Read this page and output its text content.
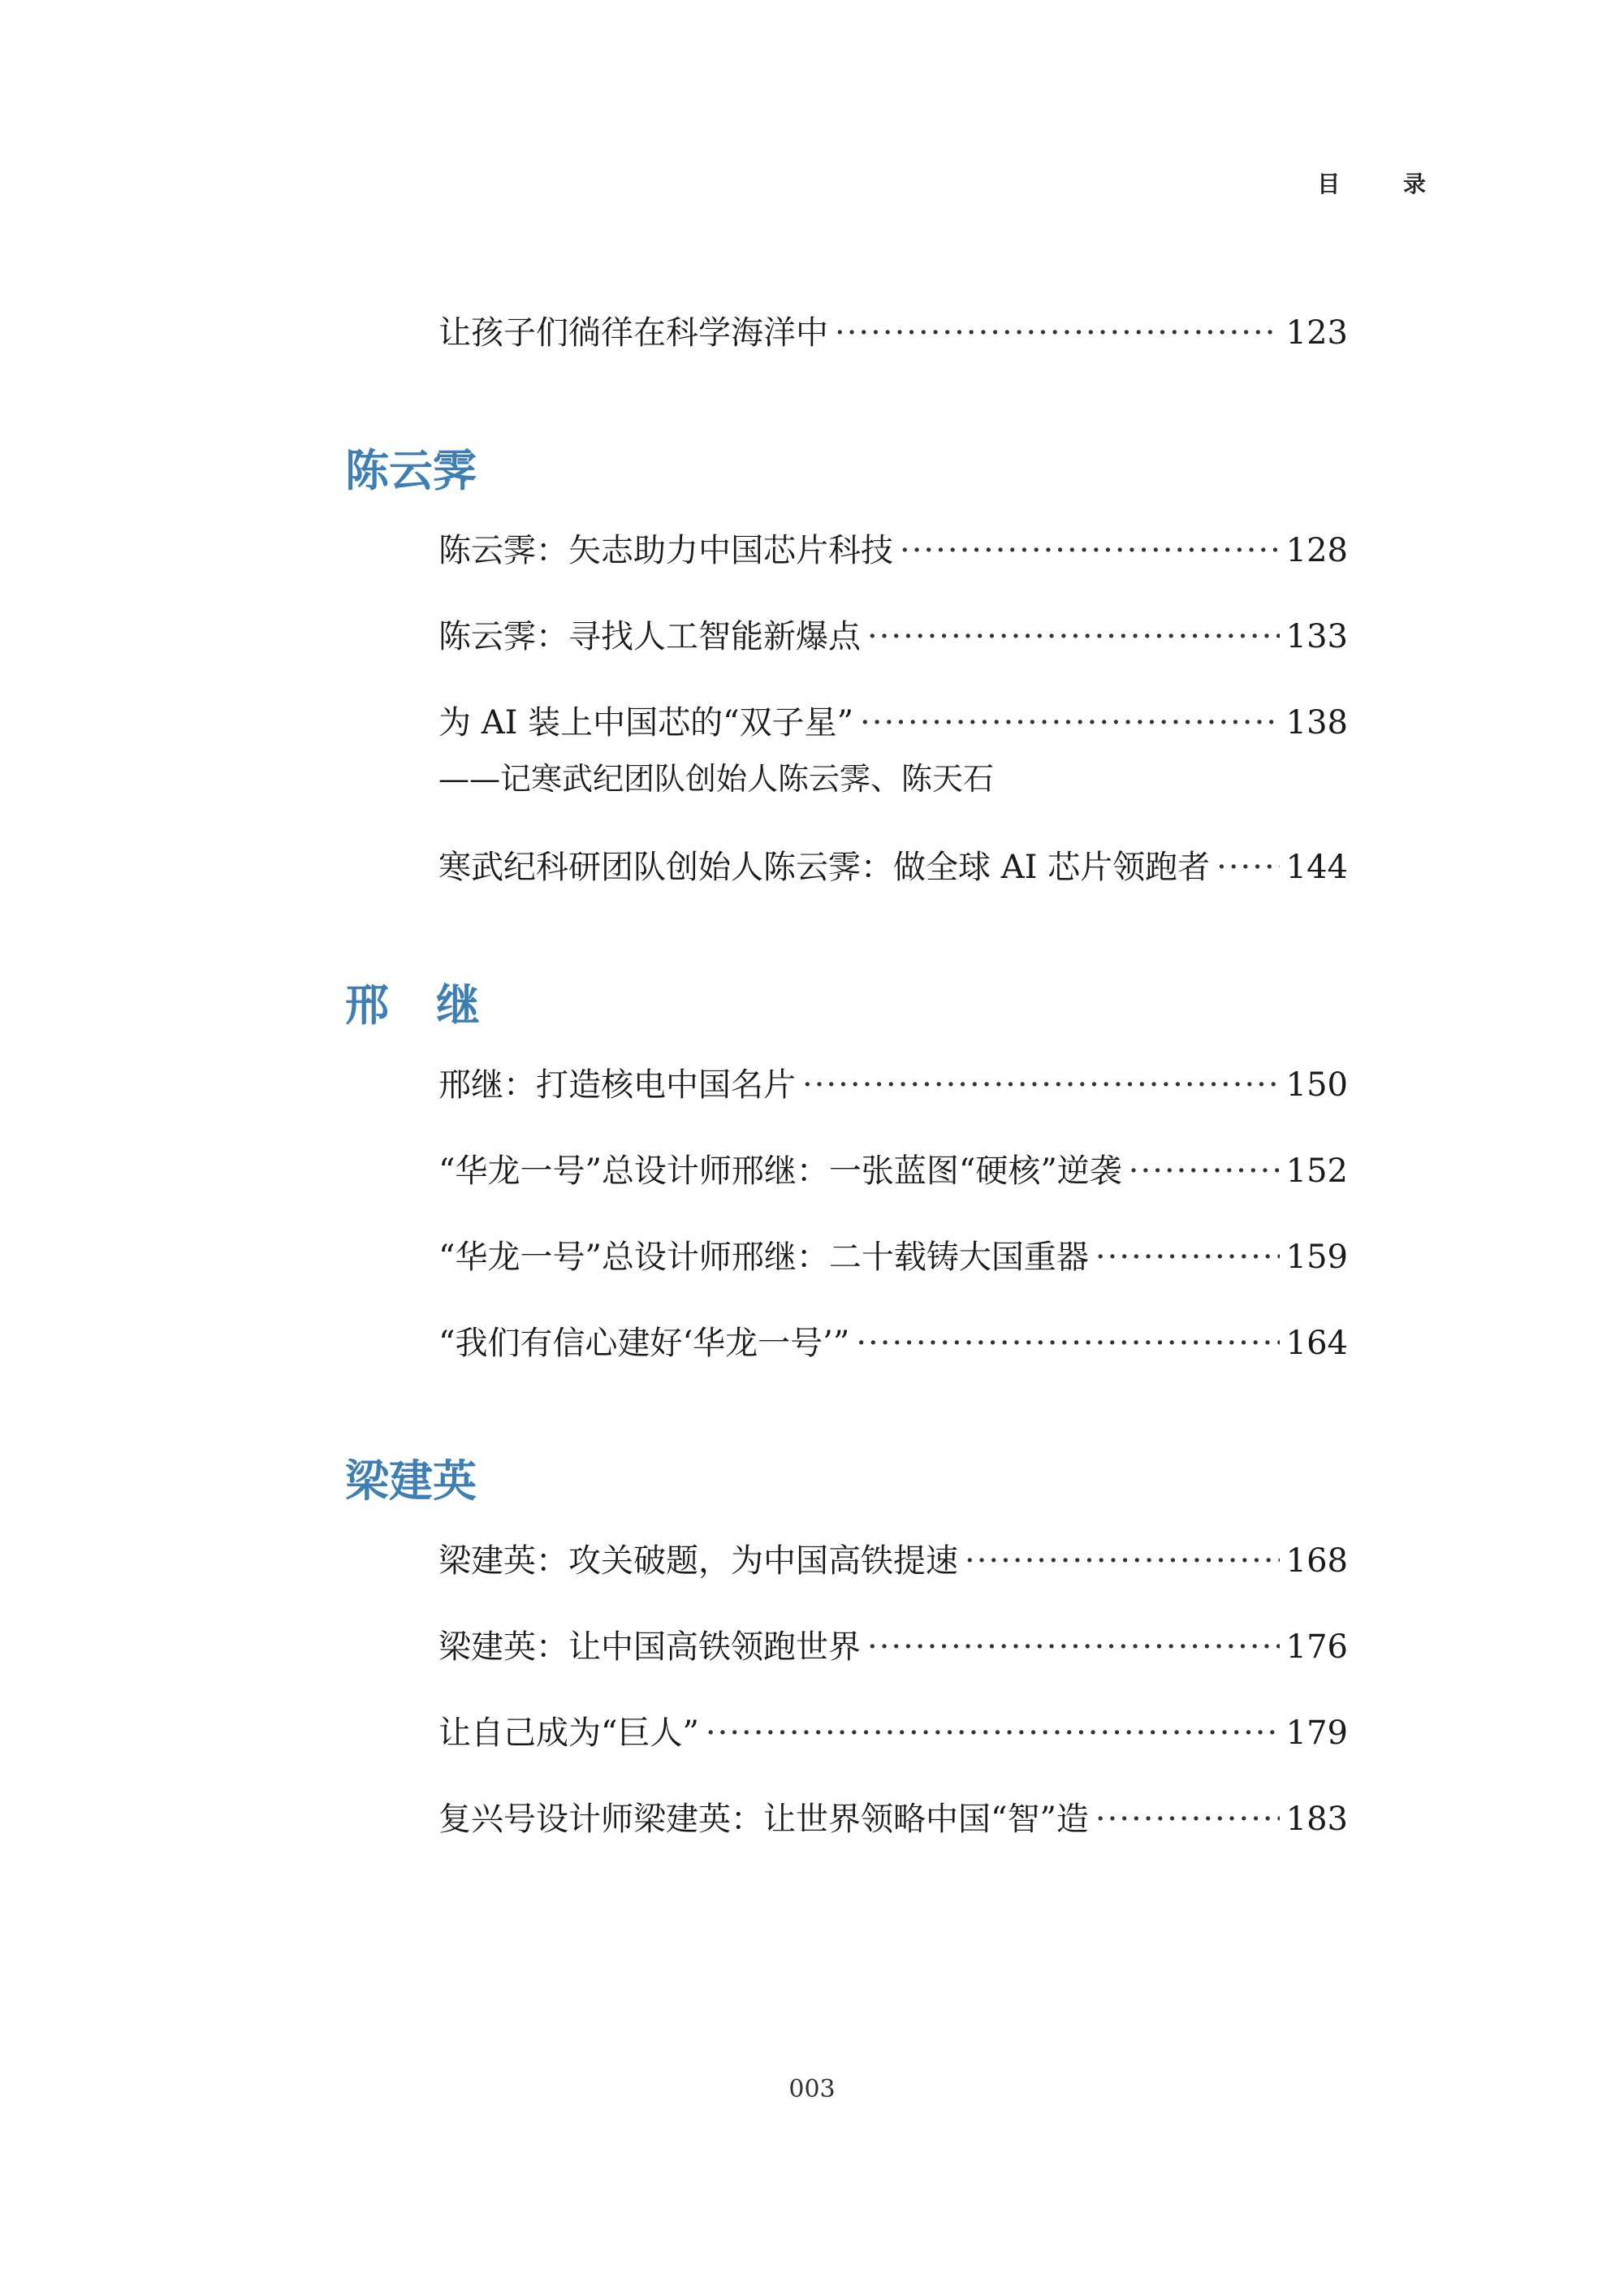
目 录
让孩子们徜徉在科学海洋中 ·····	123
陈云霁
陈云霁：矢志助力中国芯片科技 ·····	128
陈云霁：寻找人工智能新爆点 ·····	133
为 AI 装上中国芯的“双子星” ·····	138
——记寒武纪团队创始人陈云霁、陈天石
寒武纪科研团队创始人陈云霁：做全球 AI 芯片领跑者 ····· 144
邢继
邢继：打造核电中国名片 ·····	150
“华龙一号”总设计师邢继：一张蓝图“硬核”逆袭 ·····	152
“华龙一号”总设计师邢继：二十载铸大国重器 ·····	159
“我们有信心建好‘华龙一号’” ·····	164
梁建英
梁建英：攻关破题，为中国高铁提速 ·····	168
梁建英：让中国高铁领跑世界 ·····	176
让自己成为“巨人” ·····	179
复兴号设计师梁建英：让世界领略中国“智”造 ·····	183
003
